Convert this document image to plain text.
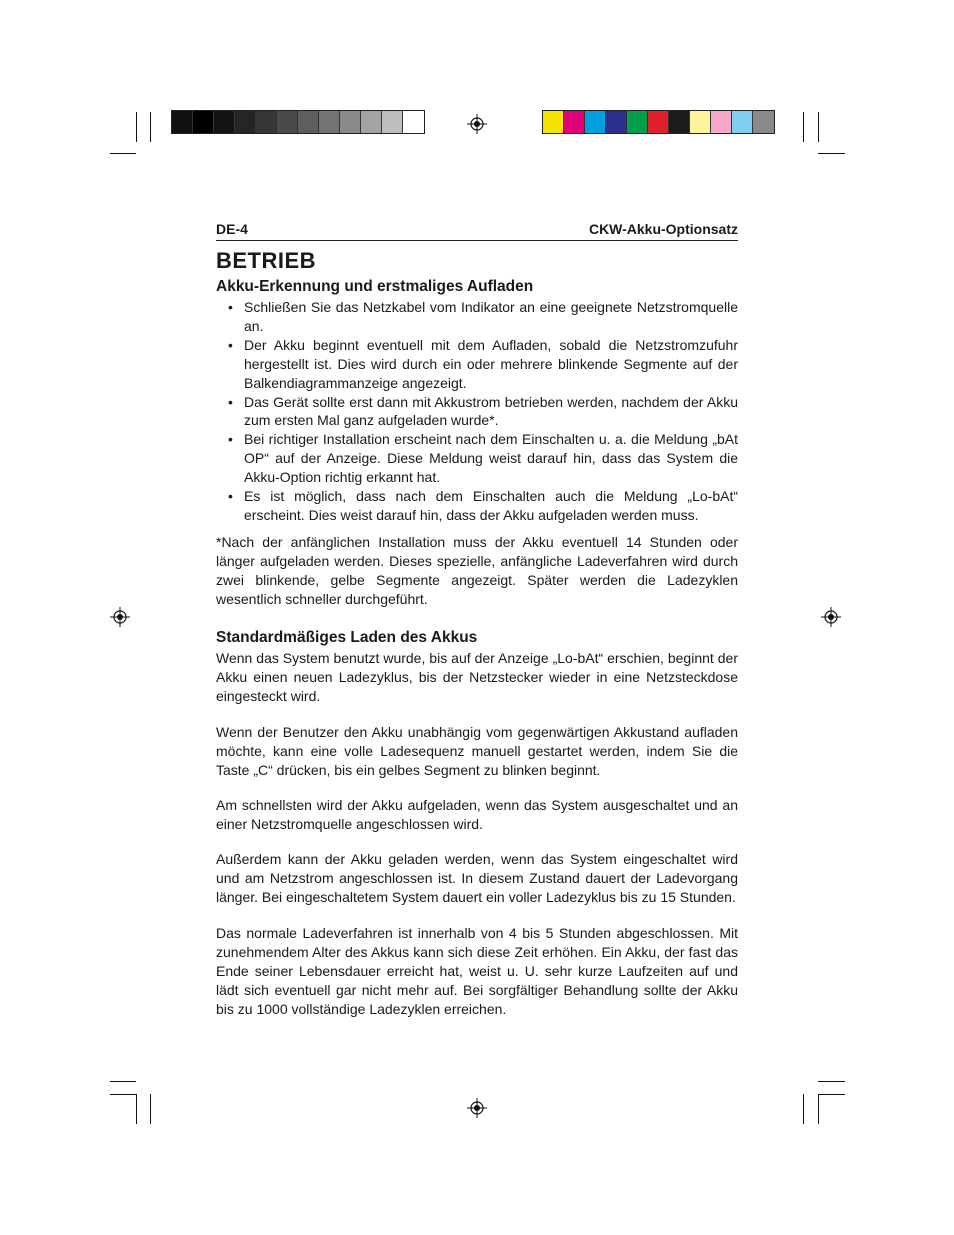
DE-4	CKW-Akku-Optionsatz
BETRIEB
Akku-Erkennung und erstmaliges Aufladen
• Schließen Sie das Netzkabel vom Indikator an eine geeignete Netzstromquelle an.
• Der Akku beginnt eventuell mit dem Aufladen, sobald die Netzstromzufuhr hergestellt ist. Dies wird durch ein oder mehrere blinkende Segmente auf der Balkendiagrammanzeige angezeigt.
• Das Gerät sollte erst dann mit Akkustrom betrieben werden, nachdem der Akku zum ersten Mal ganz aufgeladen wurde*.
• Bei richtiger Installation erscheint nach dem Einschalten u. a. die Meldung „bAt OP“ auf der Anzeige. Diese Meldung weist darauf hin, dass das System die Akku-Option richtig erkannt hat.
• Es ist möglich, dass nach dem Einschalten auch die Meldung „Lo-bAt“ erscheint. Dies weist darauf hin, dass der Akku aufgeladen werden muss.

*Nach der anfänglichen Installation muss der Akku eventuell 14 Stunden oder länger aufgeladen werden. Dieses spezielle, anfängliche Ladeverfahren wird durch zwei blinkende, gelbe Segmente angezeigt. Später werden die Ladezyklen wesentlich schneller durchgeführt.

Standardmäßiges Laden des Akkus

Wenn das System benutzt wurde, bis auf der Anzeige „Lo-bAt“ erschien, beginnt der Akku einen neuen Ladezyklus, bis der Netzstecker wieder in eine Netzsteckdose eingesteckt wird.

Wenn der Benutzer den Akku unabhängig vom gegenwärtigen Akkustand aufladen möchte, kann eine volle Ladesequenz manuell gestartet werden, indem Sie die Taste „C“ drücken, bis ein gelbes Segment zu blinken beginnt.

Am schnellsten wird der Akku aufgeladen, wenn das System ausgeschaltet und an einer Netzstromquelle angeschlossen wird.

Außerdem kann der Akku geladen werden, wenn das System eingeschaltet wird und am Netzstrom angeschlossen ist. In diesem Zustand dauert der Ladevorgang länger. Bei eingeschaltetem System dauert ein voller Ladezyklus bis zu 15 Stunden.

Das normale Ladeverfahren ist innerhalb von 4 bis 5 Stunden abgeschlossen. Mit zunehmendem Alter des Akkus kann sich diese Zeit erhöhen. Ein Akku, der fast das Ende seiner Lebensdauer erreicht hat, weist u. U. sehr kurze Laufzeiten auf und lädt sich eventuell gar nicht mehr auf. Bei sorgfältiger Behandlung sollte der Akku bis zu 1000 vollständige Ladezyklen erreichen.
